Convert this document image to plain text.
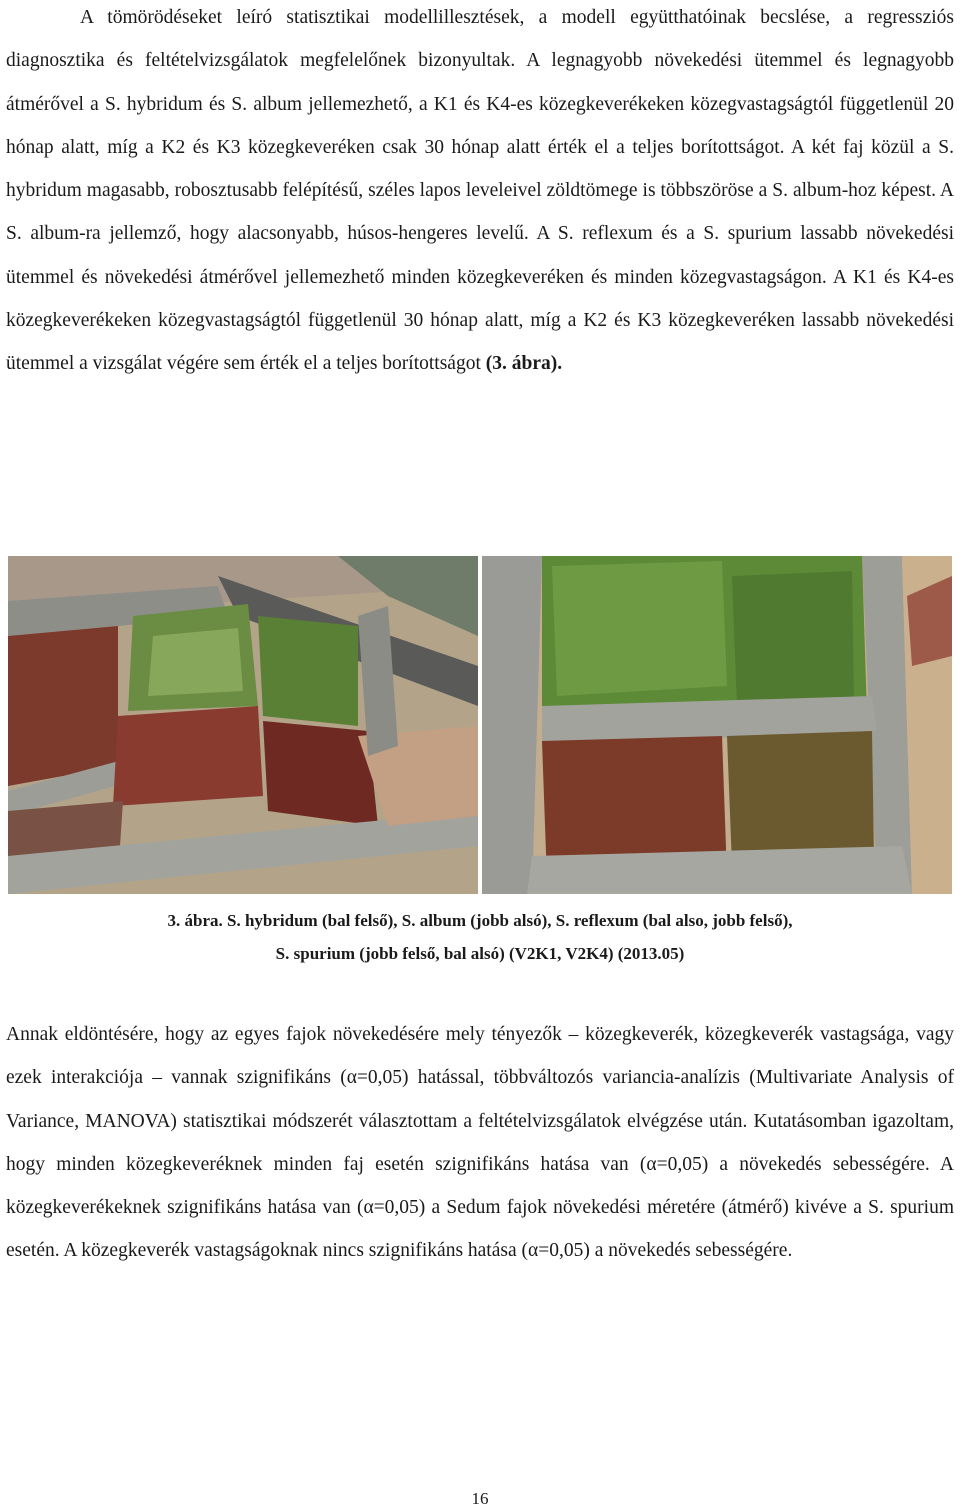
A tömörödéseket leíró statisztikai modellillesztések, a modell együtthatóinak becslése, a regressziós diagnosztika és feltételvizsgálatok megfelelőnek bizonyultak. A legnagyobb növekedési ütemmel és legnagyobb átmérővel a S. hybridum és S. album jellemezhető, a K1 és K4-es közegkeverékeken közegvastagságtól függetlenül 20 hónap alatt, míg a K2 és K3 közegkeveréken csak 30 hónap alatt érték el a teljes borítottságot. A két faj közül a S. hybridum magasabb, robosztusabb felépítésű, széles lapos leveleivel zöldtömege is többszöröse a S. album-hoz képest. A S. album-ra jellemző, hogy alacsonyabb, húsos-hengeres levelű. A S. reflexum és a S. spurium lassabb növekedési ütemmel és növekedési átmérővel jellemezhető minden közegkeveréken és minden közegvastagságon. A K1 és K4-es közegkeverékeken közegvastagságtól függetlenül 30 hónap alatt, míg a K2 és K3 közegkeveréken lassabb növekedési ütemmel a vizsgálat végére sem érték el a teljes borítottságot (3. ábra).

3. ábra. S. hybridum (bal felső), S. album (jobb alsó), S. reflexum (bal also, jobb felső),
S. spurium (jobb felső, bal alsó) (V2K1, V2K4) (2013.05)

Annak eldöntésére, hogy az egyes fajok növekedésére mely tényezők – közegkeverék, közegkeverék vastagsága, vagy ezek interakciója – vannak szignifikáns (α=0,05) hatással, többváltozós variancia-analízis (Multivariate Analysis of Variance, MANOVA) statisztikai módszerét választottam a feltételvizsgálatok elvégzése után. Kutatásomban igazoltam, hogy minden közegkeveréknek minden faj esetén szignifikáns hatása van (α=0,05) a növekedés sebességére. A közegkeverékeknek szignifikáns hatása van (α=0,05) a Sedum fajok növekedési méretére (átmérő) kivéve a S. spurium esetén. A közegkeverék vastagságoknak nincs szignifikáns hatása (α=0,05) a növekedés sebességére.

16
